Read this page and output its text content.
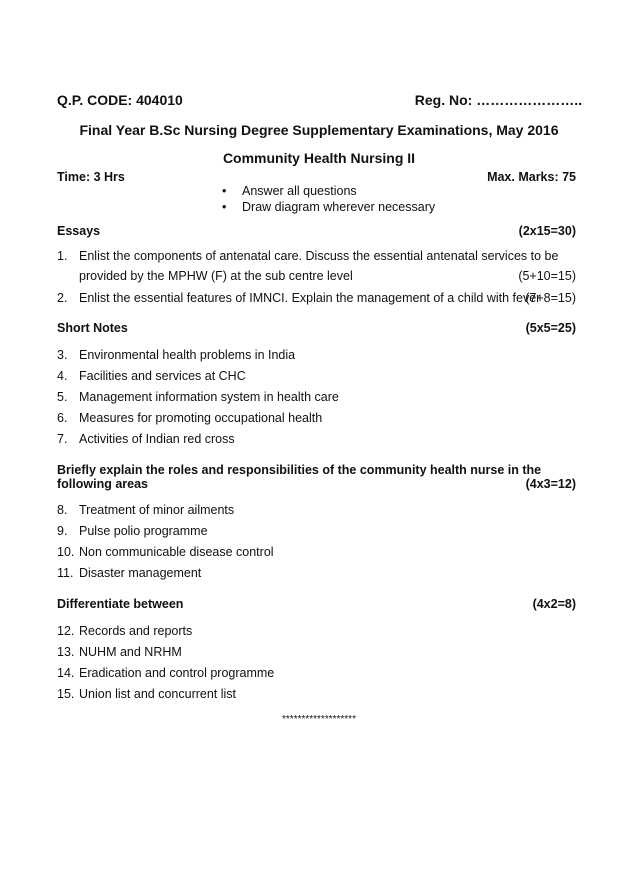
Q.P. CODE: 404010	Reg. No: …………………..
Final Year B.Sc Nursing Degree Supplementary Examinations, May 2016
Community Health Nursing II
Time: 3 Hrs	Max. Marks: 75
• Answer all questions
• Draw diagram wherever necessary
Essays	(2x15=30)
1. Enlist the components of antenatal care. Discuss the essential antenatal services to be
provided by the MPHW (F) at the sub centre level	(5+10=15)
2. Enlist the essential features of IMNCI. Explain the management of a child with fever
(7+8=15)
Short Notes	(5x5=25)
3. Environmental health problems in India
4. Facilities and services at CHC
5. Management information system in health care
6. Measures for promoting occupational health
7. Activities of Indian red cross
Briefly explain the roles and responsibilities of the community health nurse in the
following areas	(4x3=12)
8. Treatment of minor ailments
9. Pulse polio programme
10. Non communicable disease control
11. Disaster management
Differentiate between	(4x2=8)
12. Records and reports
13. NUHM and NRHM
14. Eradication and control programme
15. Union list and concurrent list
*******************
